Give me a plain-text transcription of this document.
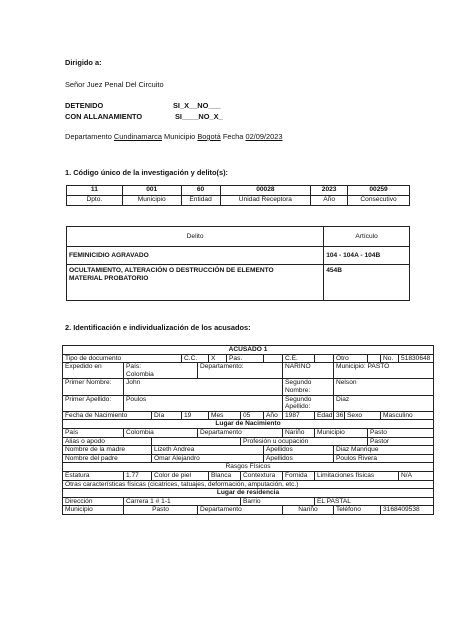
Dirigido a:
Señor Juez Penal Del Circuito
DETENIDO	SI_X__NO___
CON ALLANAMIENTO	SI____NO_X_
Departamento Cundinamarca Municipio Bogotá Fecha 02/09/2023
1. Código único de la investigación y delito(s):
11	001	60	00028	2023	00259
Dpto.	Municipio	Entidad	Unidad Receptora	Año	Consecutivo
Delito	Artículo
FEMINICIDIO AGRAVADO	104 - 104A - 104B

OCULTAMIENTO, ALTERACIÓN O DESTRUCCIÓN DE ELEMENTO
MATERIAL PROBATORIO	454B
2. Identificación e individualización de los acusados:
ACUSADO 1															
Tipo de documento			C.C.		X	Pas.			C.E.		Otro			No.	51830648
Expedido en	País:
Colombia			Departamento:					NARIÑO		Municipio: PASTO				
Primer Nombre:	John								Segundo
Nombre:		Nelson				
Primer Apellido:	Poulos								Segundo
Apellido:		Diaz				
Fecha de Nacimiento		Día	19		Mes		05	Año	1987	Edad	36	Sexo		Masculino	
Lugar de Nacimiento															
País	Colombia			Departamento					Nariño	Municipio			Pasto		
Alias o apodo							Profesión u ocupación						Pastor		
Nombre de la madre		Lizeth Andrea						Apellidos			Diaz Manrique				
Nombre del padre		Omar Alejandro						Apellidos			Poulos Rivera				
Rasgos Físicos															
Estatura	1.77	Color de piel			Blanca		Contextura		Fornida	Limitaciones físicas					N/A
Otras características físicas (cicatrices, tatuajes, deformación, amputación, etc.)															
Lugar de residencia															
Dirección	Carrera 1 # 1-1						Barrio			EL PASTAL					
Municipio	Pasto			Departamento					Nariño		Teléfono			3168409538	
